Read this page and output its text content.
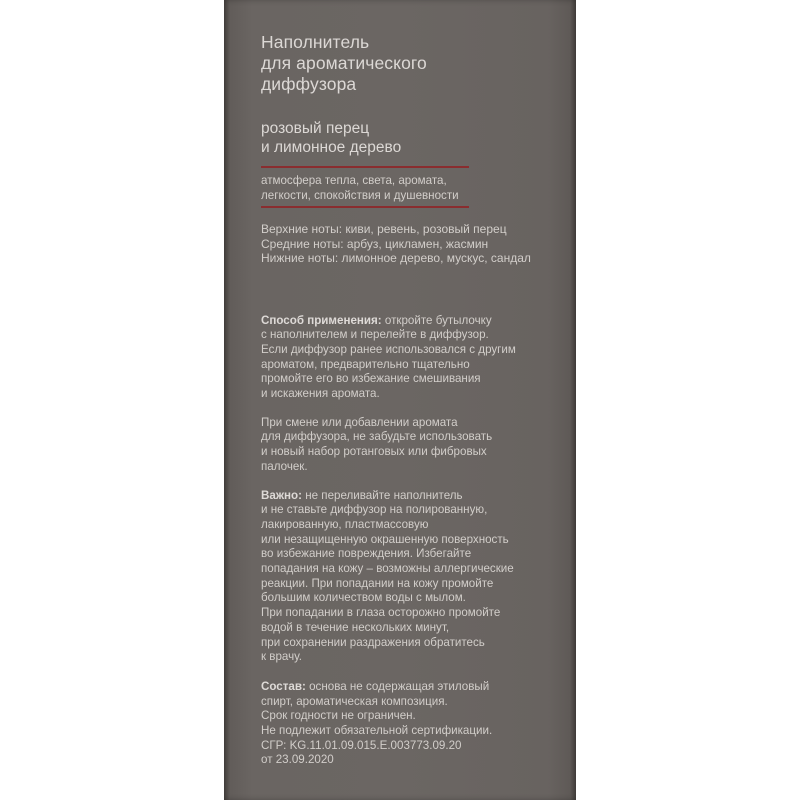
Наполнитель
для ароматического
диффузора
розовый перец
и лимонное дерево
атмосфера тепла, света, аромата,
легкости, спокойствия и душевности
Верхние ноты: киви, ревень, розовый перец
Средние ноты: арбуз, цикламен, жасмин
Нижние ноты: лимонное дерево, мускус, сандал
Способ применения: откройте бутылочку
с наполнителем и перелейте в диффузор.
Если диффузор ранее использовался с другим
ароматом, предварительно тщательно
промойте его во избежание смешивания
и искажения аромата.
При смене или добавлении аромата
для диффузора, не забудьте использовать
и новый набор ротанговых или фибровых
палочек.
Важно: не переливайте наполнитель
и не ставьте диффузор на полированную,
лакированную, пластмассовую
или незащищенную окрашенную поверхность
во избежание повреждения. Избегайте
попадания на кожу – возможны аллергические
реакции. При попадании на кожу промойте
большим количеством воды с мылом.
При попадании в глаза осторожно промойте
водой в течение нескольких минут,
при сохранении раздражения обратитесь
к врачу.
Состав: основа не содержащая этиловый
спирт, ароматическая композиция.
Срок годности не ограничен.
Не подлежит обязательной сертификации.
СГР: KG.11.01.09.015.E.003773.09.20
от 23.09.2020
